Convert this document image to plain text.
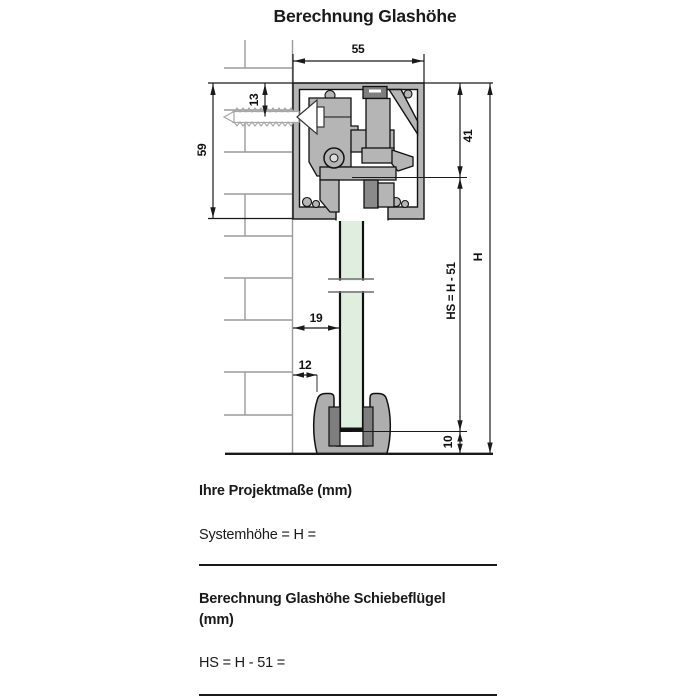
Berechnung Glashöhe
55
13
59
41
HS = H - 51
H
10
19
12
Ihre Projektmaße (mm)
Systemhöhe = H =
Berechnung Glashöhe Schiebeflügel
(mm)
HS = H - 51 =
